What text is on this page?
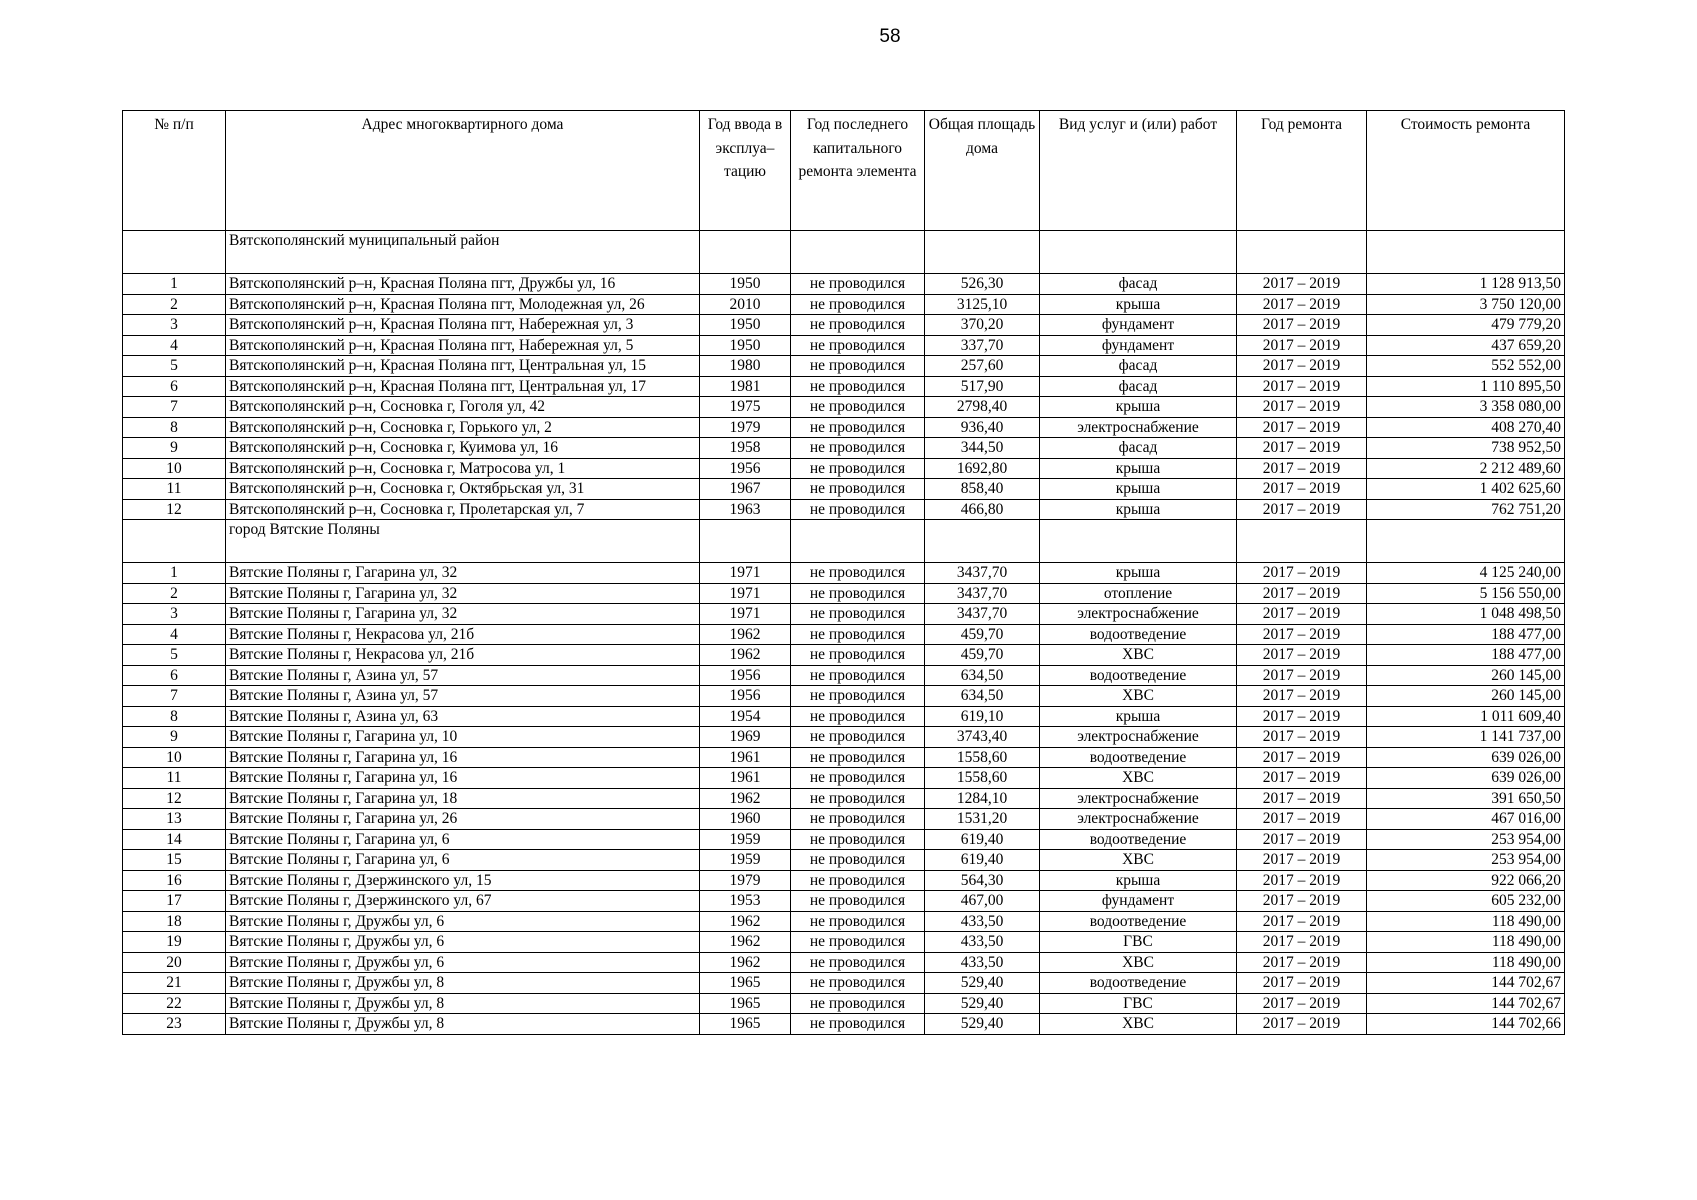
58
№ п/п	Адрес многоквартирного дома	Год ввода в эксплуа– тацию	Год последнего капитального ремонта элемента	Общая площадь дома	Вид услуг и (или) работ	Год ремонта	Стоимость ремонта
	Вятскополянский муниципальный район						
1	Вятскополянский р–н, Красная Поляна пгт, Дружбы ул, 16	1950	не проводился	526,30	фасад	2017 – 2019	1 128 913,50
2	Вятскополянский р–н, Красная Поляна пгт, Молодежная ул, 26	2010	не проводился	3125,10	крыша	2017 – 2019	3 750 120,00
3	Вятскополянский р–н, Красная Поляна пгт, Набережная ул, 3	1950	не проводился	370,20	фундамент	2017 – 2019	479 779,20
4	Вятскополянский р–н, Красная Поляна пгт, Набережная ул, 5	1950	не проводился	337,70	фундамент	2017 – 2019	437 659,20
5	Вятскополянский р–н, Красная Поляна пгт, Центральная ул, 15	1980	не проводился	257,60	фасад	2017 – 2019	552 552,00
6	Вятскополянский р–н, Красная Поляна пгт, Центральная ул, 17	1981	не проводился	517,90	фасад	2017 – 2019	1 110 895,50
7	Вятскополянский р–н, Сосновка г, Гоголя ул, 42	1975	не проводился	2798,40	крыша	2017 – 2019	3 358 080,00
8	Вятскополянский р–н, Сосновка г, Горького ул, 2	1979	не проводился	936,40	электроснабжение	2017 – 2019	408 270,40
9	Вятскополянский р–н, Сосновка г, Куимова ул, 16	1958	не проводился	344,50	фасад	2017 – 2019	738 952,50
10	Вятскополянский р–н, Сосновка г, Матросова ул, 1	1956	не проводился	1692,80	крыша	2017 – 2019	2 212 489,60
11	Вятскополянский р–н, Сосновка г, Октябрьская ул, 31	1967	не проводился	858,40	крыша	2017 – 2019	1 402 625,60
12	Вятскополянский р–н, Сосновка г, Пролетарская ул, 7	1963	не проводился	466,80	крыша	2017 – 2019	762 751,20
	город Вятские Поляны						
1	Вятские Поляны г, Гагарина ул, 32	1971	не проводился	3437,70	крыша	2017 – 2019	4 125 240,00
2	Вятские Поляны г, Гагарина ул, 32	1971	не проводился	3437,70	отопление	2017 – 2019	5 156 550,00
3	Вятские Поляны г, Гагарина ул, 32	1971	не проводился	3437,70	электроснабжение	2017 – 2019	1 048 498,50
4	Вятские Поляны г, Некрасова ул, 21б	1962	не проводился	459,70	водоотведение	2017 – 2019	188 477,00
5	Вятские Поляны г, Некрасова ул, 21б	1962	не проводился	459,70	ХВС	2017 – 2019	188 477,00
6	Вятские Поляны г, Азина ул, 57	1956	не проводился	634,50	водоотведение	2017 – 2019	260 145,00
7	Вятские Поляны г, Азина ул, 57	1956	не проводился	634,50	ХВС	2017 – 2019	260 145,00
8	Вятские Поляны г, Азина ул, 63	1954	не проводился	619,10	крыша	2017 – 2019	1 011 609,40
9	Вятские Поляны г, Гагарина ул, 10	1969	не проводился	3743,40	электроснабжение	2017 – 2019	1 141 737,00
10	Вятские Поляны г, Гагарина ул, 16	1961	не проводился	1558,60	водоотведение	2017 – 2019	639 026,00
11	Вятские Поляны г, Гагарина ул, 16	1961	не проводился	1558,60	ХВС	2017 – 2019	639 026,00
12	Вятские Поляны г, Гагарина ул, 18	1962	не проводился	1284,10	электроснабжение	2017 – 2019	391 650,50
13	Вятские Поляны г, Гагарина ул, 26	1960	не проводился	1531,20	электроснабжение	2017 – 2019	467 016,00
14	Вятские Поляны г, Гагарина ул, 6	1959	не проводился	619,40	водоотведение	2017 – 2019	253 954,00
15	Вятские Поляны г, Гагарина ул, 6	1959	не проводился	619,40	ХВС	2017 – 2019	253 954,00
16	Вятские Поляны г, Дзержинского ул, 15	1979	не проводился	564,30	крыша	2017 – 2019	922 066,20
17	Вятские Поляны г, Дзержинского ул, 67	1953	не проводился	467,00	фундамент	2017 – 2019	605 232,00
18	Вятские Поляны г, Дружбы ул, 6	1962	не проводился	433,50	водоотведение	2017 – 2019	118 490,00
19	Вятские Поляны г, Дружбы ул, 6	1962	не проводился	433,50	ГВС	2017 – 2019	118 490,00
20	Вятские Поляны г, Дружбы ул, 6	1962	не проводился	433,50	ХВС	2017 – 2019	118 490,00
21	Вятские Поляны г, Дружбы ул, 8	1965	не проводился	529,40	водоотведение	2017 – 2019	144 702,67
22	Вятские Поляны г, Дружбы ул, 8	1965	не проводился	529,40	ГВС	2017 – 2019	144 702,67
23	Вятские Поляны г, Дружбы ул, 8	1965	не проводился	529,40	ХВС	2017 – 2019	144 702,66
